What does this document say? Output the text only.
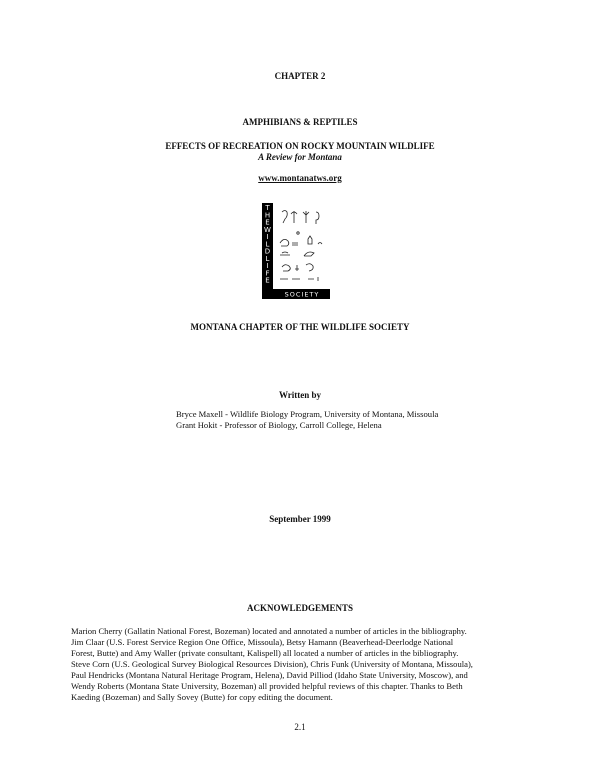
CHAPTER 2
AMPHIBIANS & REPTILES
EFFECTS OF RECREATION ON ROCKY MOUNTAIN WILDLIFE
A Review for Montana
www.montanatws.org
T
H
E
W
I
L
D
L
I
F
E
SOCIETY
MONTANA CHAPTER OF THE WILDLIFE SOCIETY
Written by
Bryce Maxell - Wildlife Biology Program, University of Montana, Missoula
Grant Hokit - Professor of Biology, Carroll College, Helena
September 1999
ACKNOWLEDGEMENTS

Marion Cherry (Gallatin National Forest, Bozeman) located and annotated a number of articles in the bibliography.

Jim Claar (U.S. Forest Service Region One Office, Missoula), Betsy Hamann (Beaverhead-Deerlodge National

Forest, Butte) and Amy Waller (private consultant, Kalispell) all located a number of articles in the bibliography.

Steve Corn (U.S. Geological Survey Biological Resources Division), Chris Funk (University of Montana, Missoula),

Paul Hendricks (Montana Natural Heritage Program, Helena), David Pilliod (Idaho State University, Moscow), and

Wendy Roberts (Montana State University, Bozeman) all provided helpful reviews of this chapter. Thanks to Beth

Kaeding (Bozeman) and Sally Sovey (Butte) for copy editing the document.

2.1
